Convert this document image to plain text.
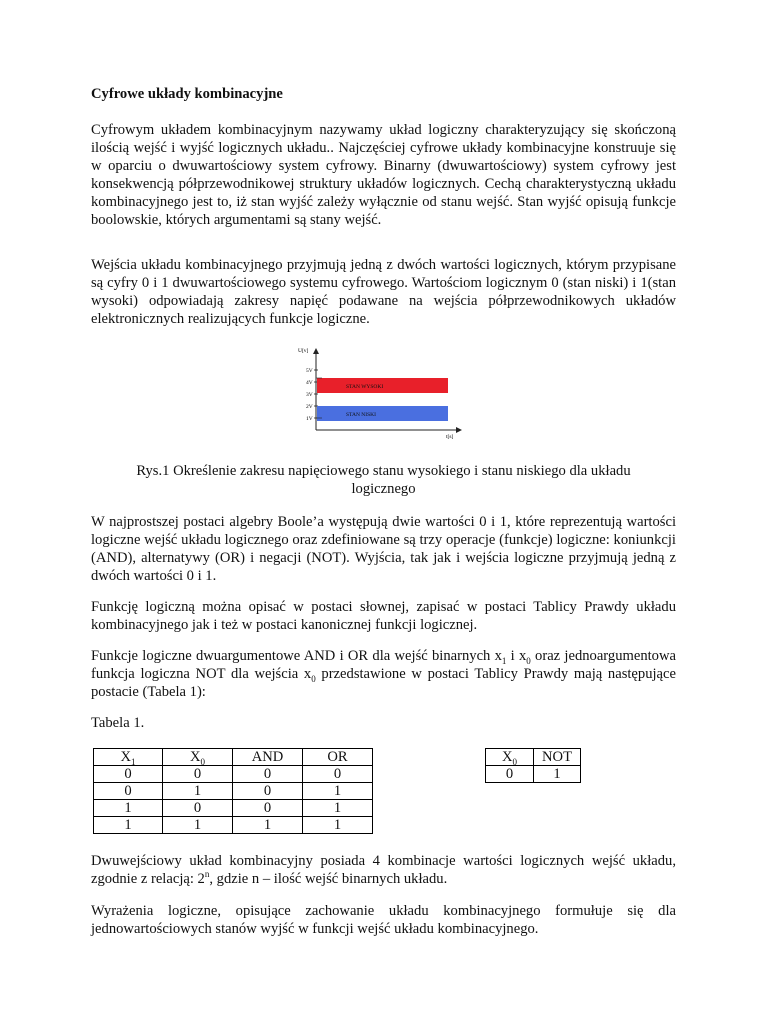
Cyfrowe układy kombinacyjne

Cyfrowym układem kombinacyjnym nazywamy układ logiczny charakteryzujący się skończoną ilością wejść i wyjść logicznych układu.. Najczęściej cyfrowe układy kombinacyjne konstruuje się w oparciu o dwuwartościowy system cyfrowy. Binarny (dwuwartościowy) system cyfrowy jest konsekwencją półprzewodnikowej struktury układów logicznych. Cechą charakterystyczną układu kombinacyjnego jest to, iż stan wyjść zależy wyłącznie od stanu wejść. Stan wyjść opisują funkcje boolowskie, których argumentami są stany wejść.

Wejścia układu kombinacyjnego przyjmują jedną z dwóch wartości logicznych, którym przypisane są cyfry 0 i 1 dwuwartościowego systemu cyfrowego. Wartościom logicznym 0 (stan niski) i 1(stan wysoki) odpowiadają zakresy napięć podawane na wejścia półprzewodnikowych układów elektronicznych realizujących funkcje logiczne.

U[v]
t[s]
5V
4V
3V
2V
1V
STAN WYSOKI
STAN NISKI

Rys.1 Określenie zakresu napięciowego stanu wysokiego i stanu niskiego dla układu

logicznego

W najprostszej postaci algebry Boole’a występują dwie wartości 0 i 1, które reprezentują wartości logiczne wejść układu logicznego oraz zdefiniowane są trzy operacje (funkcje) logiczne: koniunkcji (AND), alternatywy (OR) i negacji (NOT). Wyjścia, tak jak i wejścia logiczne przyjmują jedną z dwóch wartości 0 i 1.

Funkcję logiczną można opisać w postaci słownej, zapisać w postaci Tablicy Prawdy układu kombinacyjnego jak i też w postaci kanonicznej funkcji logicznej.

Funkcje logiczne dwuargumentowe AND i OR dla wejść binarnych $x_1$ i $x_0$ oraz jednoargumentowa funkcja logiczna NOT dla wejścia $x_0$ przedstawione w postaci Tablicy Prawdy mają następujące postacie (Tabela 1):

Tabela 1.

$X_1$	$X_0$	AND	OR
0	0	0	0
0	1	0	1
1	0	0	1
1	1	1	1
$X_0$	NOT
0	1

Dwuwejściowy układ kombinacyjny posiada 4 kombinacje wartości logicznych wejść układu, zgodnie z relacją: 2$^n$, gdzie n – ilość wejść binarnych układu.

Wyrażenia logiczne, opisujące zachowanie układu kombinacyjnego formułuje się dla jednowartościowych stanów wyjść w funkcji wejść układu kombinacyjnego.
